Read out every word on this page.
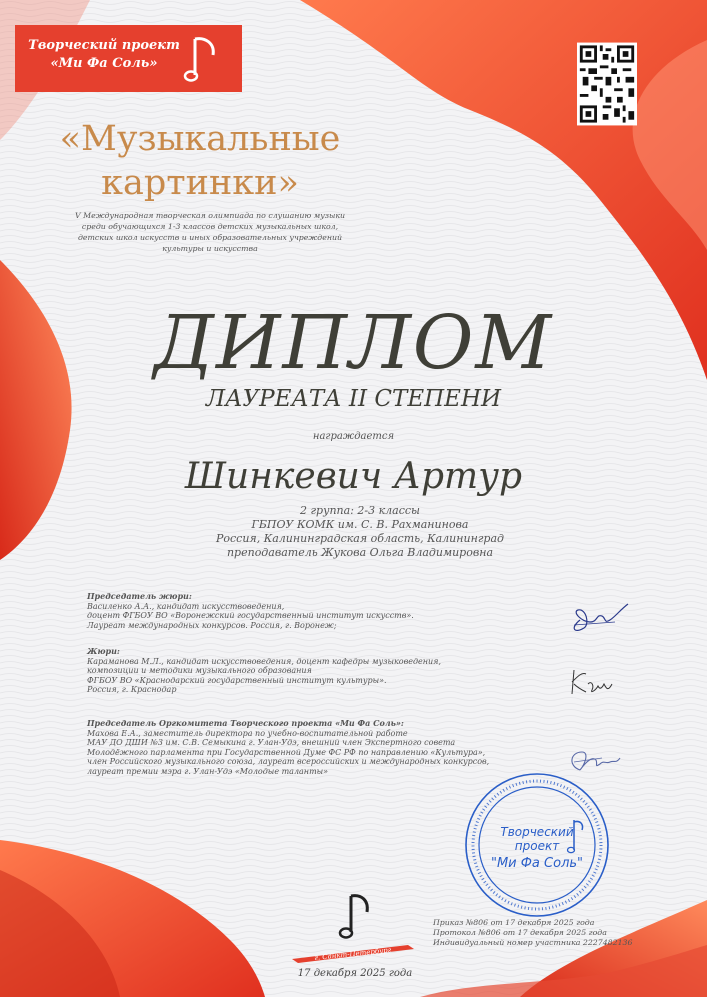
Творческий проект
«Ми Фа Соль»
«Музыкальные
картинки»
V Международная творческая олимпиада по слушанию музыки
среди обучающихся 1-3 классов детских музыкальных школ,
детских школ искусств и иных образовательных учреждений
культуры и искусства
ДИПЛОМ
ЛАУРЕАТА II СТЕПЕНИ
награждается
Шинкевич Артур
2 группа: 2-3 классы
ГБПОУ КОМК им. С. В. Рахманинова
Россия, Калининградская область, Калининград
преподаватель Жукова Ольга Владимировна
Председатель жюри:
Василенко А.А., кандидат искусствоведения,
доцент ФГБОУ ВО «Воронежский государственный институт искусств».
Лауреат международных конкурсов. Россия, г. Воронеж;
Жюри:
Караманова М.Л., кандидат искусствоведения, доцент кафедры музыковедения,
композиции и методики музыкального образования
ФГБОУ ВО «Краснодарский государственный институт культуры».
Россия, г. Краснодар
Председатель Оргкомитета Творческого проекта «Ми Фа Соль»:
Махова Е.А., заместитель директора по учебно-воспитательной работе
МАУ ДО ДШИ №3 им. С.В. Семыкина г. Улан-Удэ, внешний член Экспертного совета
Молодёжного парламента при Государственной Думе ФС РФ по направлению «Культура»,
член Российского музыкального союза, лауреат всероссийских и международных конкурсов,
лауреат премии мэра г. Улан-Удэ «Молодые таланты»
Творческий
проект
"Ми Фа Соль"
г. Санкт-Петербург
17 декабря 2025 года
Приказ №806 от 17 декабря 2025 года
Протокол №806 от 17 декабря 2025 года
Индивидуальный номер участника 2227482136
